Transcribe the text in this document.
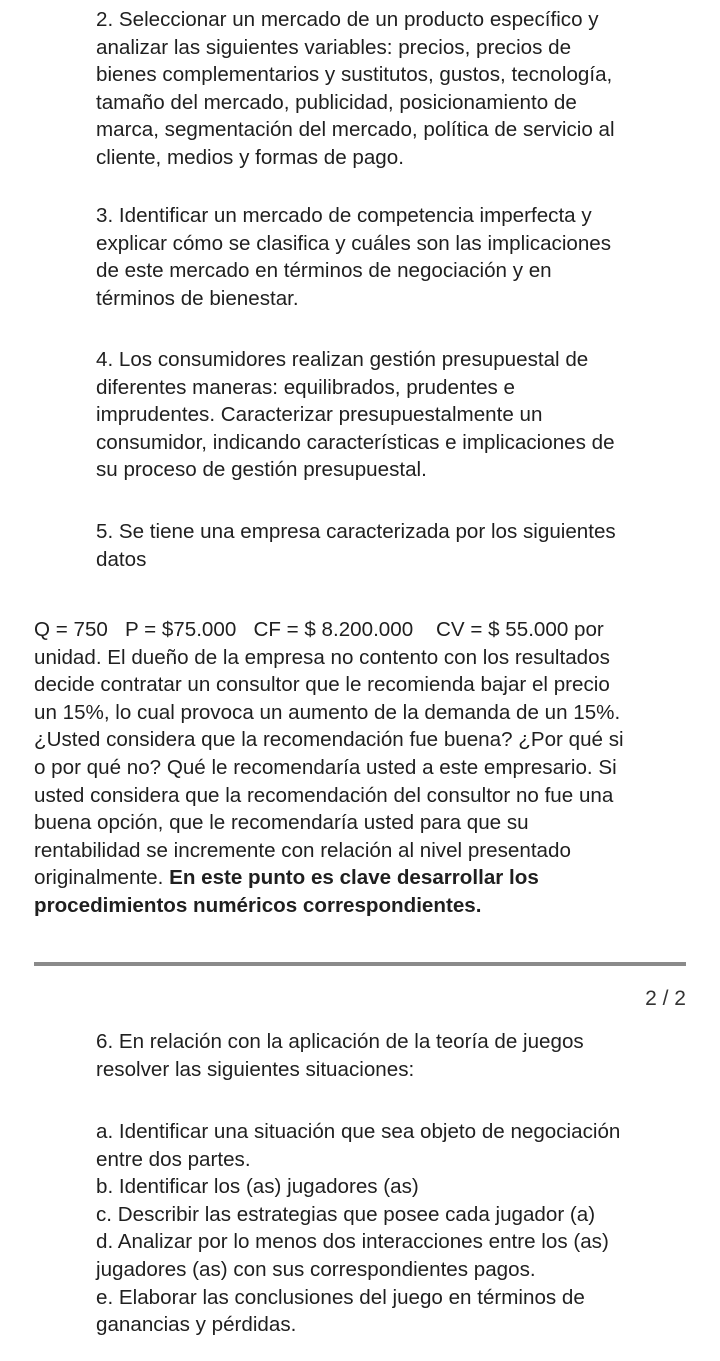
2. Seleccionar un mercado de un producto específico y
analizar las siguientes variables: precios, precios de
bienes complementarios y sustitutos, gustos, tecnología,
tamaño del mercado, publicidad, posicionamiento de
marca, segmentación del mercado, política de servicio al
cliente, medios y formas de pago.
3. Identificar un mercado de competencia imperfecta y
explicar cómo se clasifica y cuáles son las implicaciones
de este mercado en términos de negociación y en
términos de bienestar.
4. Los consumidores realizan gestión presupuestal de
diferentes maneras: equilibrados, prudentes e
imprudentes. Caracterizar presupuestalmente un
consumidor, indicando características e implicaciones de
su proceso de gestión presupuestal.
5. Se tiene una empresa caracterizada por los siguientes
datos
Q = 750   P = $75.000   CF = $ 8.200.000    CV = $ 55.000 por
unidad. El dueño de la empresa no contento con los resultados
decide contratar un consultor que le recomienda bajar el precio
un 15%, lo cual provoca un aumento de la demanda de un 15%.
¿Usted considera que la recomendación fue buena? ¿Por qué si
o por qué no? Qué le recomendaría usted a este empresario. Si
usted considera que la recomendación del consultor no fue una
buena opción, que le recomendaría usted para que su
rentabilidad se incremente con relación al nivel presentado
originalmente. En este punto es clave desarrollar los
procedimientos numéricos correspondientes.
2 / 2
6. En relación con la aplicación de la teoría de juegos
resolver las siguientes situaciones:
a. Identificar una situación que sea objeto de negociación
entre dos partes.
b. Identificar los (as) jugadores (as)
c. Describir las estrategias que posee cada jugador (a)
d. Analizar por lo menos dos interacciones entre los (as)
jugadores (as) con sus correspondientes pagos.
e. Elaborar las conclusiones del juego en términos de
ganancias y pérdidas.
